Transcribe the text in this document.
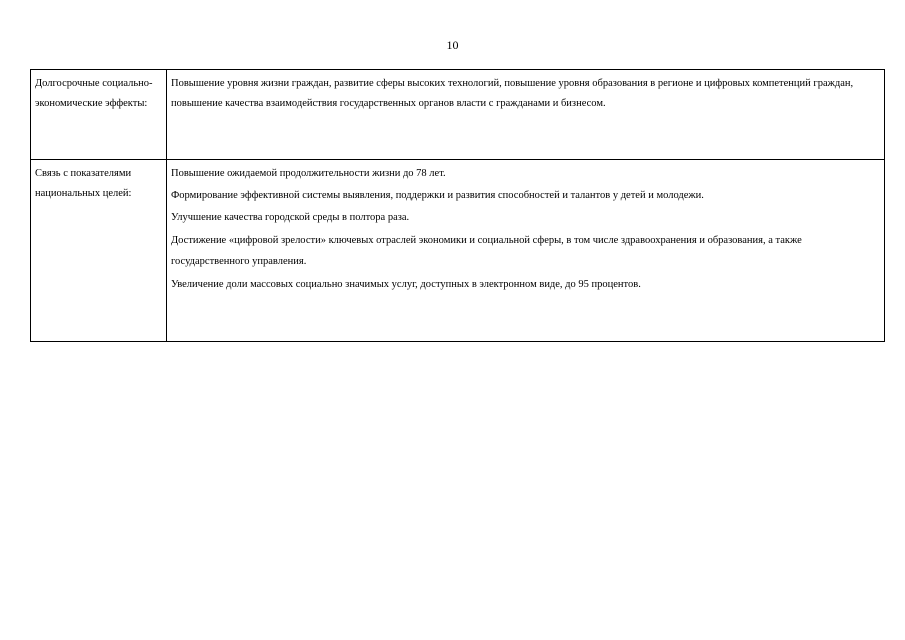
10
Долгосрочные социально-экономические эффекты:	Повышение уровня жизни граждан, развитие сферы высоких технологий, повышение уровня образования в регионе и цифровых компетенций граждан, повышение качества взаимодействия государственных органов власти с гражданами и бизнесом.
Связь с показателями национальных целей:	Повышение ожидаемой продолжительности жизни до 78 лет.
Формирование эффективной системы выявления, поддержки и развития способностей и талантов у детей и молодежи.
Улучшение качества городской среды в полтора раза.
Достижение «цифровой зрелости» ключевых отраслей экономики и социальной сферы, в том числе здравоохранения и образования, а также государственного управления.
Увеличение доли массовых социально значимых услуг, доступных в электронном виде, до 95 процентов.
